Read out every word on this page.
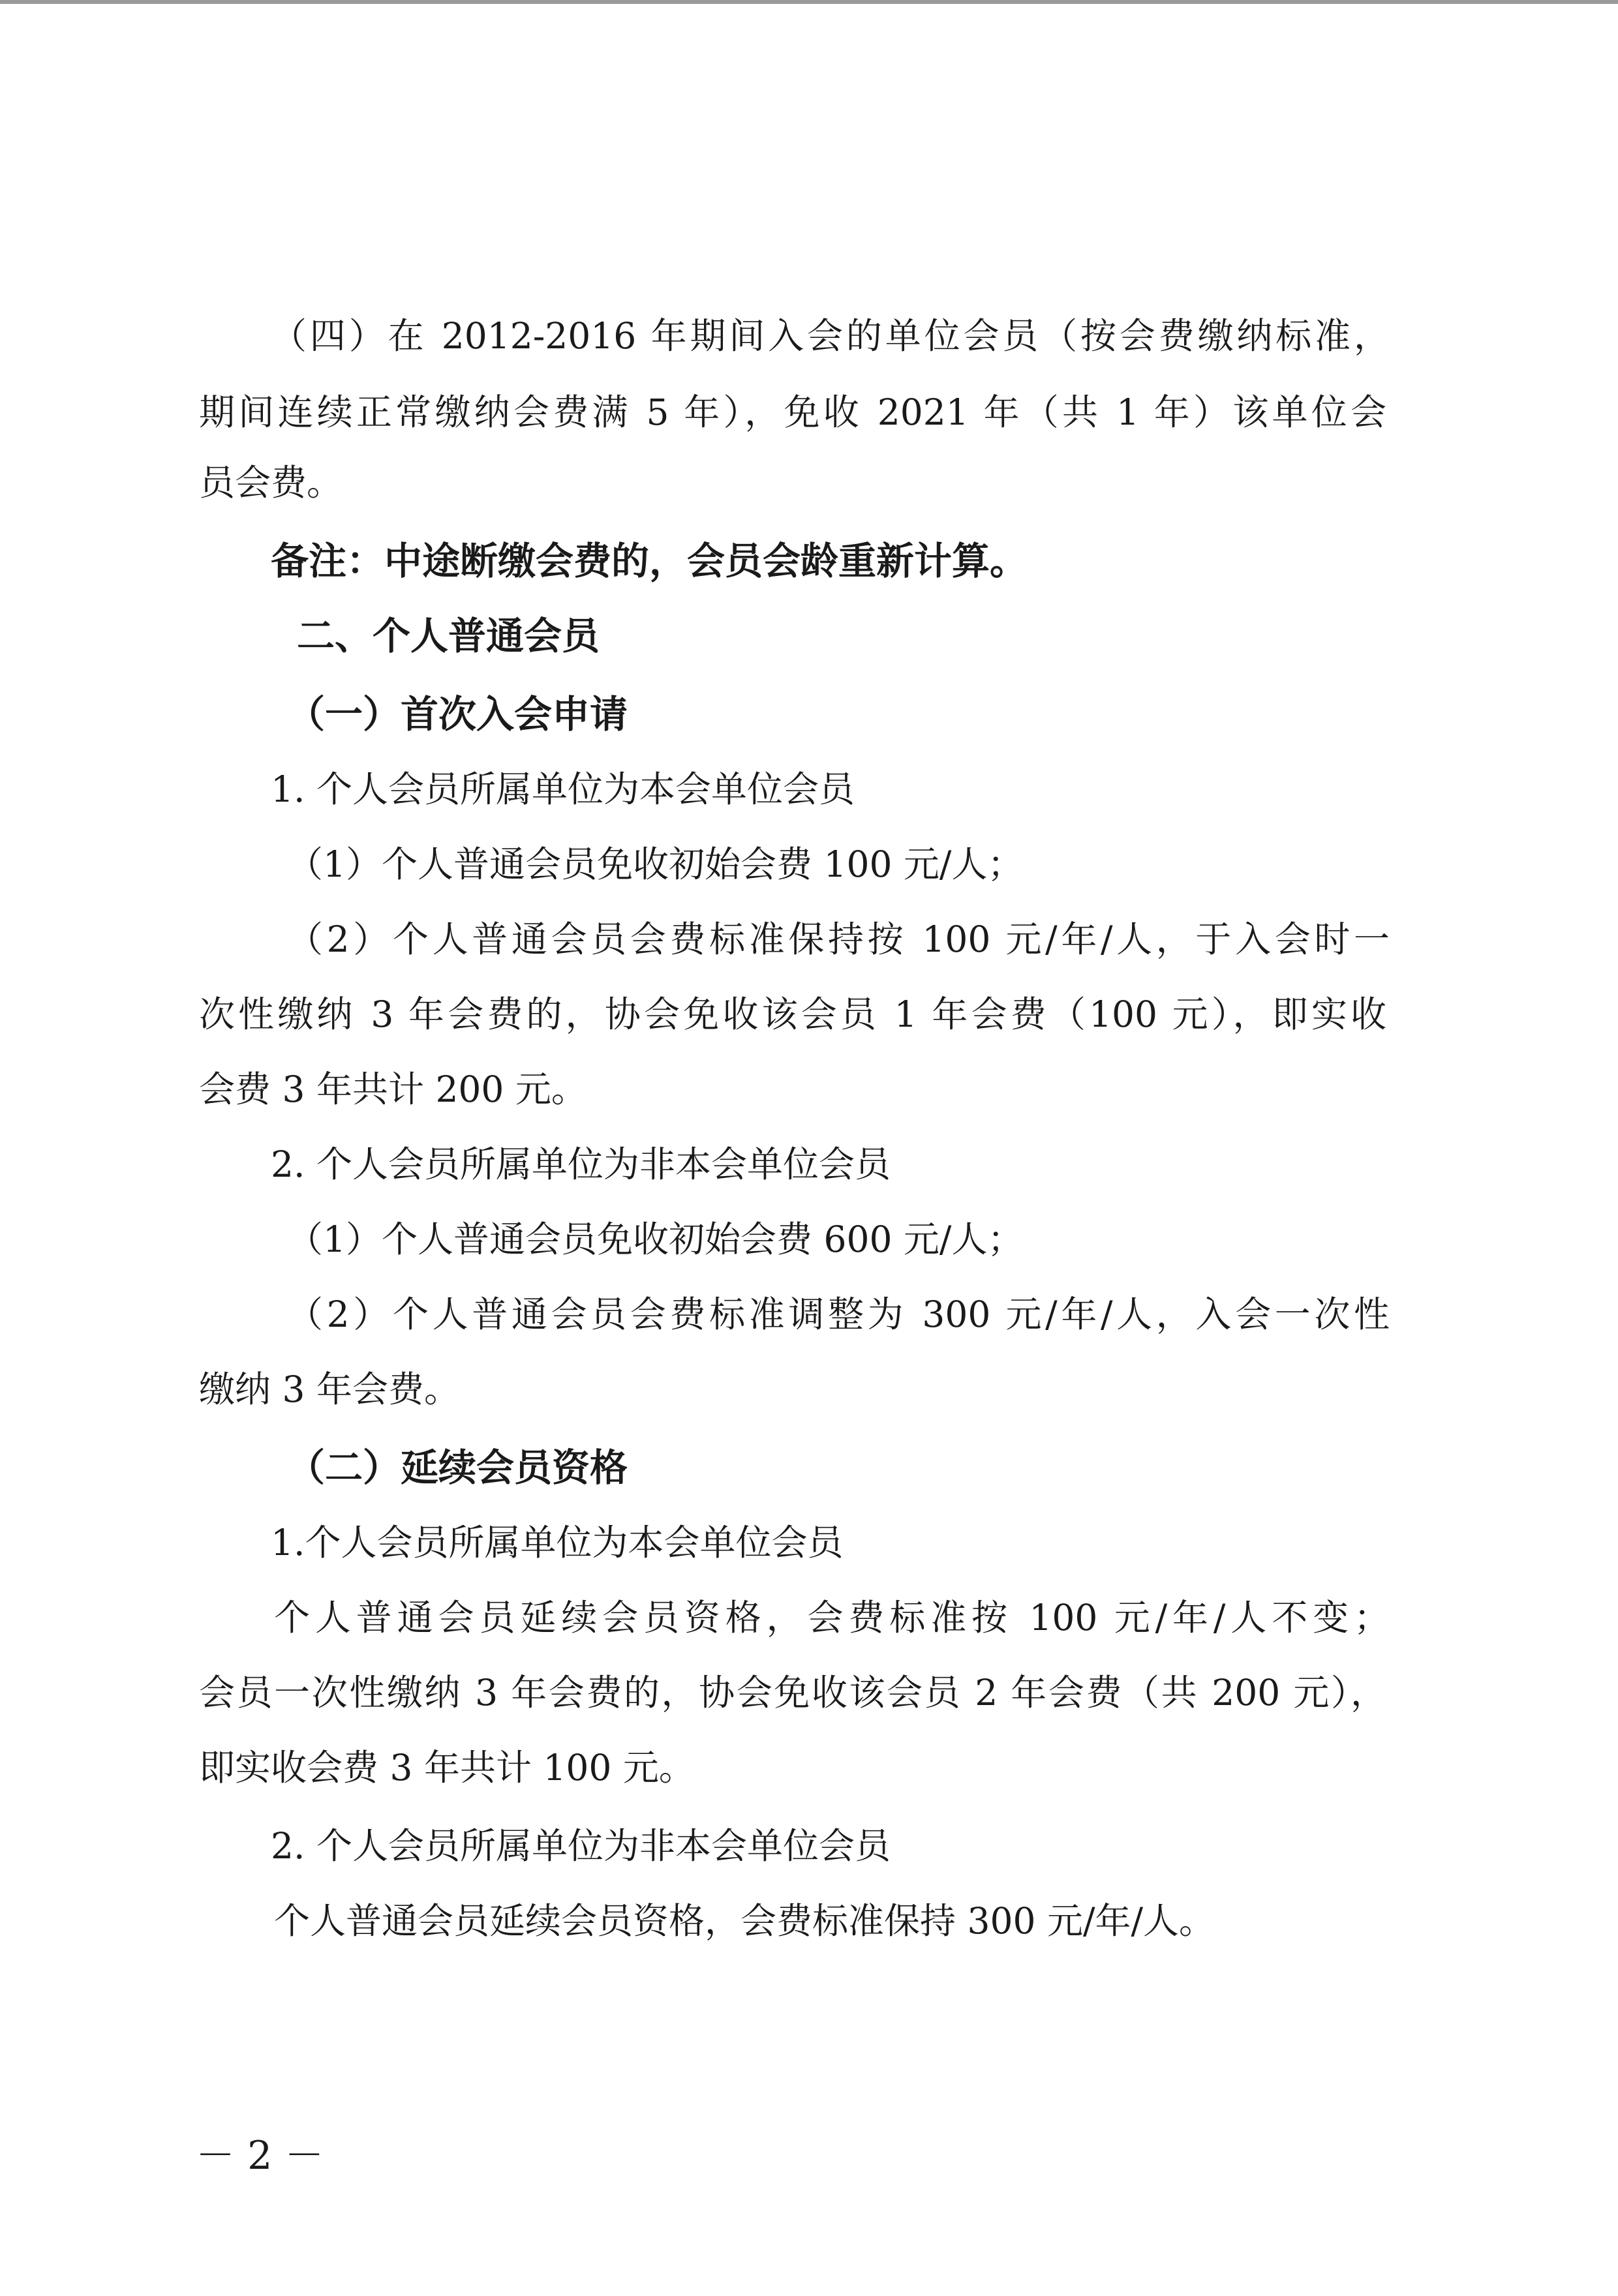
（四）在 2012-2016 年期间入会的单位会员（按会费缴纳标准，
期间连续正常缴纳会费满 5 年），免收 2021 年（共 1 年）该单位会
员会费。
备注：中途断缴会费的，会员会龄重新计算。
二、个人普通会员
（一）首次入会申请
1. 个人会员所属单位为本会单位会员
（1）个人普通会员免收初始会费 100 元/人；
（2）个人普通会员会费标准保持按 100 元/年/人，于入会时一
次性缴纳 3 年会费的，协会免收该会员 1 年会费（100 元），即实收
会费 3 年共计 200 元。
2. 个人会员所属单位为非本会单位会员
（1）个人普通会员免收初始会费 600 元/人；
（2）个人普通会员会费标准调整为 300 元/年/人，入会一次性
缴纳 3 年会费。
（二）延续会员资格
1.个人会员所属单位为本会单位会员
个人普通会员延续会员资格，会费标准按 100 元/年/人不变；
会员一次性缴纳 3 年会费的，协会免收该会员 2 年会费（共 200 元），
即实收会费 3 年共计 100 元。
2. 个人会员所属单位为非本会单位会员
个人普通会员延续会员资格，会费标准保持 300 元/年/人。
－ 2 －
